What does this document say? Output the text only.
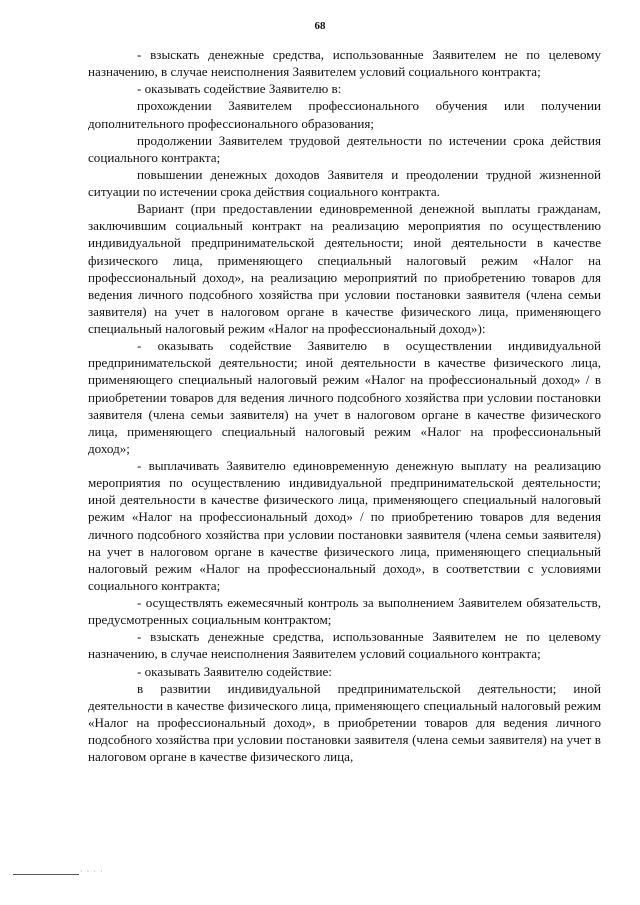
68

- взыскать денежные средства, использованные Заявителем не по целевому назначению, в случае неисполнения Заявителем условий социального контракта;

- оказывать содействие Заявителю в:

прохождении Заявителем профессионального обучения или получении дополнительного профессионального образования;

продолжении Заявителем трудовой деятельности по истечении срока действия социального контракта;

повышении денежных доходов Заявителя и преодолении трудной жизненной ситуации по истечении срока действия социального контракта.

Вариант (при предоставлении единовременной денежной выплаты гражданам, заключившим социальный контракт на реализацию мероприятия по осуществлению индивидуальной предпринимательской деятельности; иной деятельности в качестве физического лица, применяющего специальный налоговый режим «Налог на профессиональный доход», на реализацию мероприятий по приобретению товаров для ведения личного подсобного хозяйства при условии постановки заявителя (члена семьи заявителя) на учет в налоговом органе в качестве физического лица, применяющего специальный налоговый режим «Налог на профессиональный доход»):

- оказывать содействие Заявителю в осуществлении индивидуальной предпринимательской деятельности; иной деятельности в качестве физического лица, применяющего специальный налоговый режим «Налог на профессиональный доход» / в приобретении товаров для ведения личного подсобного хозяйства при условии постановки заявителя (члена семьи заявителя) на учет в налоговом органе в качестве физического лица, применяющего специальный налоговый режим «Налог на профессиональный доход»;

- выплачивать Заявителю единовременную денежную выплату на реализацию мероприятия по осуществлению индивидуальной предпринимательской деятельности; иной деятельности в качестве физического лица, применяющего специальный налоговый режим «Налог на профессиональный доход» / по приобретению товаров для ведения личного подсобного хозяйства при условии постановки заявителя (члена семьи заявителя) на учет в налоговом органе в качестве физического лица, применяющего специальный налоговый режим «Налог на профессиональный доход», в соответствии с условиями социального контракта;

- осуществлять ежемесячный контроль за выполнением Заявителем обязательств, предусмотренных социальным контрактом;

- взыскать денежные средства, использованные Заявителем не по целевому назначению, в случае неисполнения Заявителем условий социального контракта;

- оказывать Заявителю содействие:

в развитии индивидуальной предпринимательской деятельности; иной деятельности в качестве физического лица, применяющего специальный налоговый режим «Налог на профессиональный доход», в приобретении товаров для ведения личного подсобного хозяйства при условии постановки заявителя (члена семьи заявителя) на учет в налоговом органе в качестве физического лица,

· · · ·
